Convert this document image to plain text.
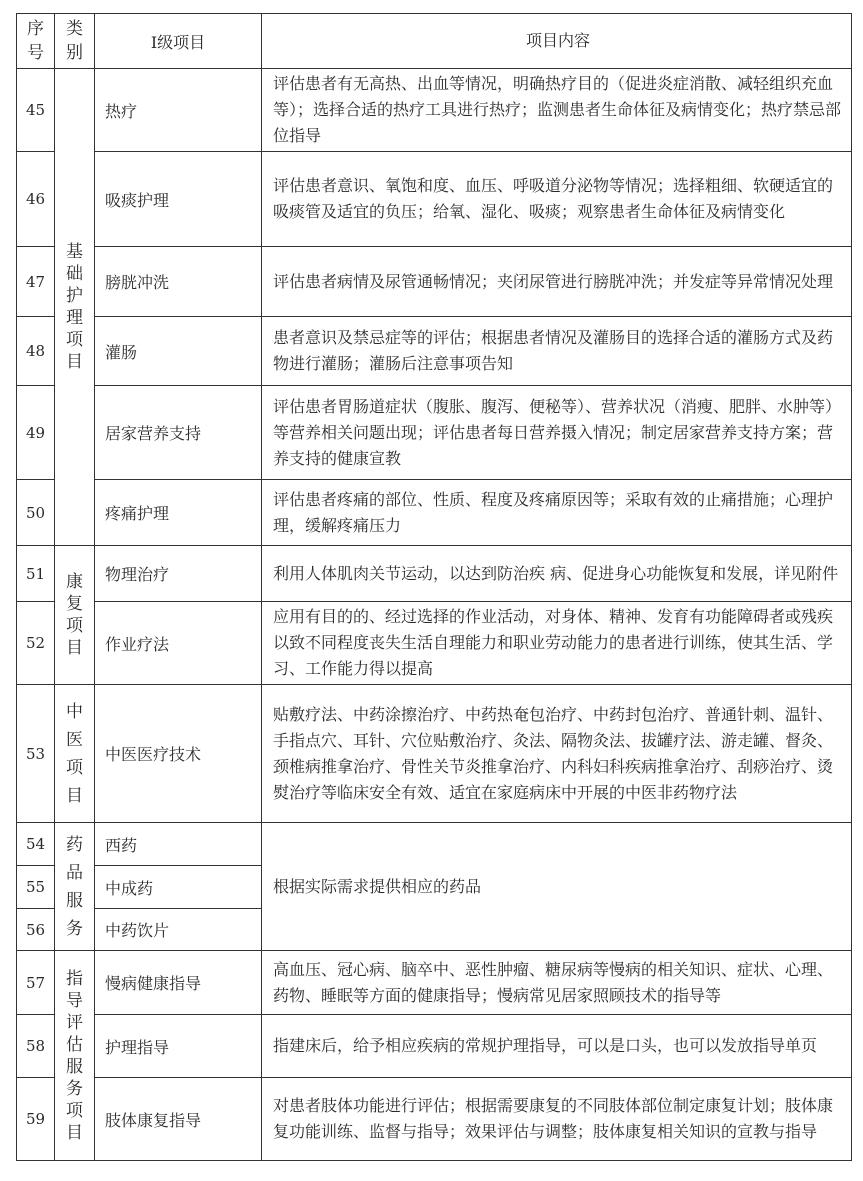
序号	类别	Ⅰ级项目	项目内容
45	基础护理项目	热疗	评估患者有无高热、出血等情况，明确热疗目的（促进炎症消散、减轻组织充血等）；选择合适的热疗工具进行热疗；监测患者生命体征及病情变化；热疗禁忌部位指导
46		吸痰护理	评估患者意识、氧饱和度、血压、呼吸道分泌物等情况；选择粗细、软硬适宜的吸痰管及适宜的负压；给氧、湿化、吸痰；观察患者生命体征及病情变化
47		膀胱冲洗	评估患者病情及尿管通畅情况；夹闭尿管进行膀胱冲洗；并发症等异常情况处理
48		灌肠	患者意识及禁忌症等的评估；根据患者情况及灌肠目的选择合适的灌肠方式及药物进行灌肠；灌肠后注意事项告知
49		居家营养支持	评估患者胃肠道症状（腹胀、腹泻、便秘等）、营养状况（消瘦、肥胖、水肿等）等营养相关问题出现；评估患者每日营养摄入情况；制定居家营养支持方案；营养支持的健康宣教
50		疼痛护理	评估患者疼痛的部位、性质、程度及疼痛原因等；采取有效的止痛措施；心理护理，缓解疼痛压力
51	康复项目	物理治疗	利用人体肌肉关节运动，以达到防治疾 病、促进身心功能恢复和发展，详见附件
52		作业疗法	应用有目的的、经过选择的作业活动，对身体、精神、发育有功能障碍者或残疾以致不同程度丧失生活自理能力和职业劳动能力的患者进行训练，使其生活、学习、工作能力得以提高
53	中医项目	中医医疗技术	贴敷疗法、中药涂擦治疗、中药热奄包治疗、中药封包治疗、普通针刺、温针、手指点穴、耳针、穴位贴敷治疗、灸法、隔物灸法、拔罐疗法、游走罐、督灸、颈椎病推拿治疗、骨性关节炎推拿治疗、内科妇科疾病推拿治疗、刮痧治疗、烫熨治疗等临床安全有效、适宜在家庭病床中开展的中医非药物疗法
54	药品服务	西药	根据实际需求提供相应的药品
55		中成药	
56		中药饮片	
57	指导评估服务项目	慢病健康指导	高血压、冠心病、脑卒中、恶性肿瘤、糖尿病等慢病的相关知识、症状、心理、药物、睡眠等方面的健康指导；慢病常见居家照顾技术的指导等
58		护理指导	指建床后，给予相应疾病的常规护理指导，可以是口头，也可以发放指导单页
59		肢体康复指导	对患者肢体功能进行评估；根据需要康复的不同肢体部位制定康复计划；肢体康复功能训练、监督与指导；效果评估与调整；肢体康复相关知识的宣教与指导
